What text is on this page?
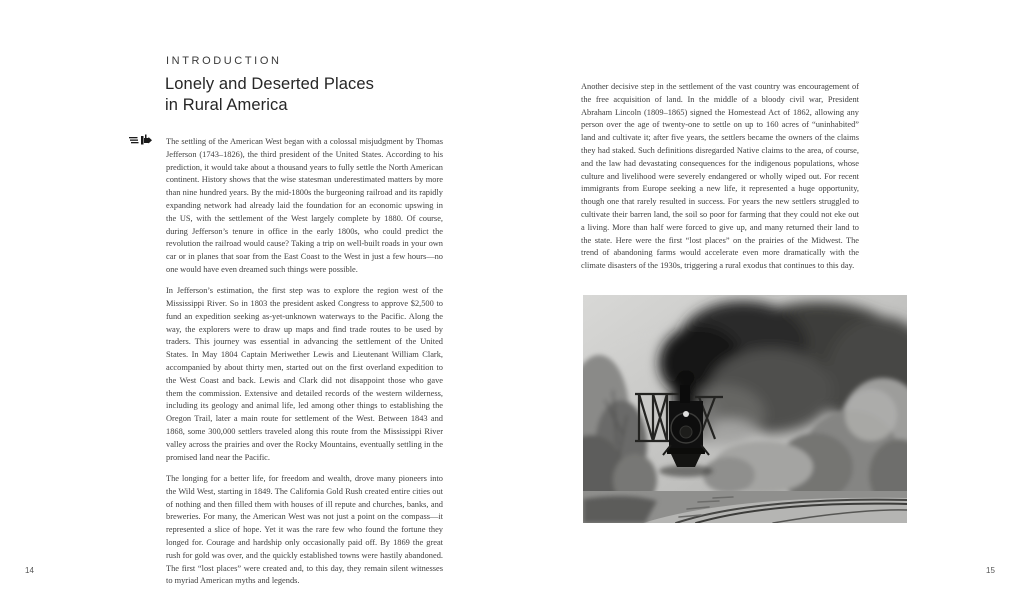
INTRODUCTION
Lonely and Deserted Places
in Rural America

The settling of the American West began with a colossal misjudgment by Thomas Jefferson (1743–1826), the third president of the United States. According to his prediction, it would take about a thousand years to fully settle the North American continent. History shows that the wise statesman underestimated matters by more than nine hundred years. By the mid-1800s the burgeoning railroad and its rapidly expanding network had already laid the foundation for an economic upswing in the US, with the settlement of the West largely complete by 1880. Of course, during Jefferson’s tenure in office in the early 1800s, who could predict the revolution the railroad would cause? Taking a trip on well-built roads in your own car or in planes that soar from the East Coast to the West in just a few hours—no one would have even dreamed such things were possible.

In Jefferson’s estimation, the first step was to explore the region west of the Mississippi River. So in 1803 the president asked Congress to approve $2,500 to fund an expedition seeking as-yet-unknown waterways to the Pacific. Along the way, the explorers were to draw up maps and find trade routes to be used by traders. This journey was essential in advancing the settlement of the United States. In May 1804 Captain Meriwether Lewis and Lieutenant William Clark, accompanied by about thirty men, started out on the first overland expedition to the West Coast and back. Lewis and Clark did not disappoint those who gave them the commission. Extensive and detailed records of the western wilderness, including its geology and animal life, led among other things to establishing the Oregon Trail, later a main route for settlement of the West. Between 1843 and 1868, some 300,000 settlers traveled along this route from the Mississippi River valley across the prairies and over the Rocky Mountains, eventually settling in the promised land near the Pacific.

The longing for a better life, for freedom and wealth, drove many pioneers into the Wild West, starting in 1849. The California Gold Rush created entire cities out of nothing and then filled them with houses of ill repute and churches, banks, and breweries. For many, the American West was not just a point on the compass—it represented a slice of hope. Yet it was the rare few who found the fortune they longed for. Courage and hardship only occasionally paid off. By 1869 the great rush for gold was over, and the quickly established towns were hastily abandoned. The first “lost places” were created and, to this day, they remain silent witnesses to myriad American myths and legends.

14

Another decisive step in the settlement of the vast country was encouragement of the free acquisition of land. In the middle of a bloody civil war, President Abraham Lincoln (1809–1865) signed the Homestead Act of 1862, allowing any person over the age of twenty-one to settle on up to 160 acres of “uninhabited” land and cultivate it; after five years, the settlers became the owners of the claims they had staked. Such definitions disregarded Native claims to the area, of course, and the law had devastating consequences for the indigenous populations, whose culture and livelihood were severely endangered or wholly wiped out. For recent immigrants from Europe seeking a new life, it represented a huge opportunity, though one that rarely resulted in success. For years the new settlers struggled to cultivate their barren land, the soil so poor for farming that they could not eke out a living. More than half were forced to give up, and many returned their land to the state. Here were the first “lost places” on the prairies of the Midwest. The trend of abandoning farms would accelerate even more dramatically with the climate disasters of the 1930s, triggering a rural exodus that continues to this day.

15
